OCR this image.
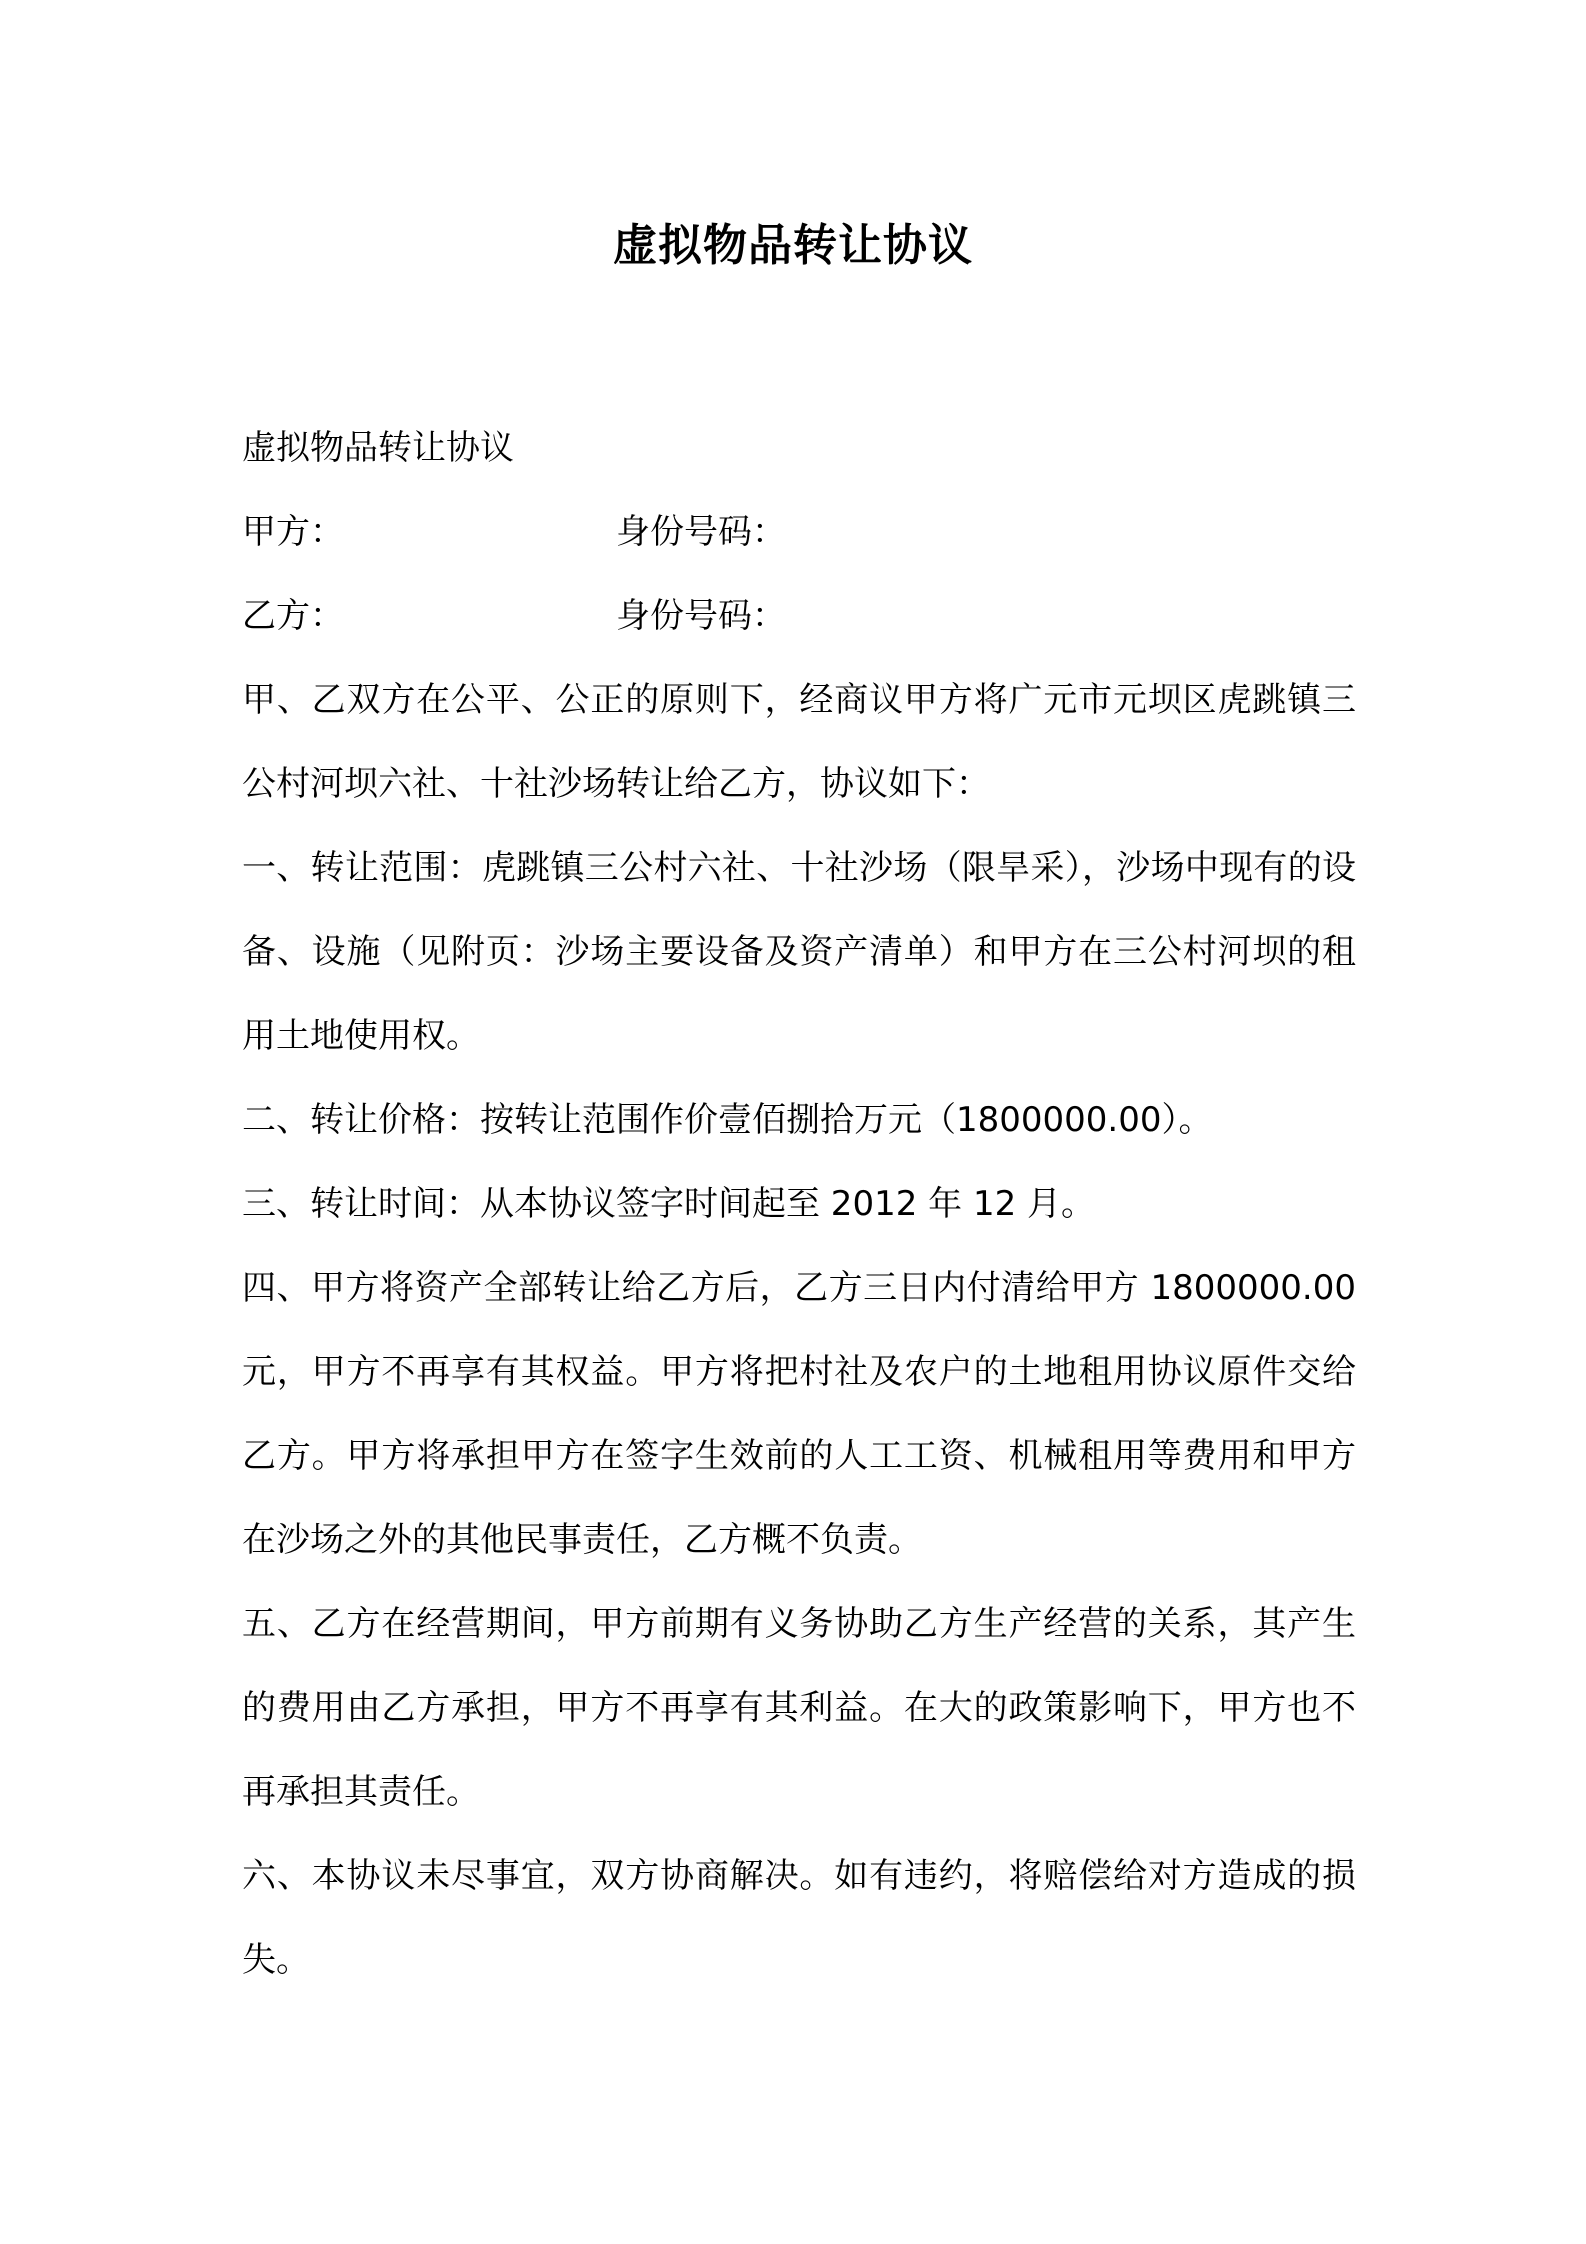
虚拟物品转让协议
虚拟物品转让协议
甲方：	身份号码：
乙方：	身份号码：

甲、乙双方在公平、公正的原则下，经商议甲方将广元市元坝区虎跳镇三公村河坝六社、十社沙场转让给乙方，协议如下：

一、转让范围：虎跳镇三公村六社、十社沙场（限旱采），沙场中现有的设备、设施（见附页：沙场主要设备及资产清单）和甲方在三公村河坝的租用土地使用权。

二、转让价格：按转让范围作价壹佰捌拾万元（1800000.00）。

三、转让时间：从本协议签字时间起至 2012 年 12 月。

四、甲方将资产全部转让给乙方后，乙方三日内付清给甲方 1800000.00 元，甲方不再享有其权益。甲方将把村社及农户的土地租用协议原件交给乙方。甲方将承担甲方在签字生效前的人工工资、机械租用等费用和甲方在沙场之外的其他民事责任，乙方概不负责。

五、乙方在经营期间，甲方前期有义务协助乙方生产经营的关系，其产生的费用由乙方承担，甲方不再享有其利益。在大的政策影响下，甲方也不再承担其责任。

六、本协议未尽事宜，双方协商解决。如有违约，将赔偿给对方造成的损失。
